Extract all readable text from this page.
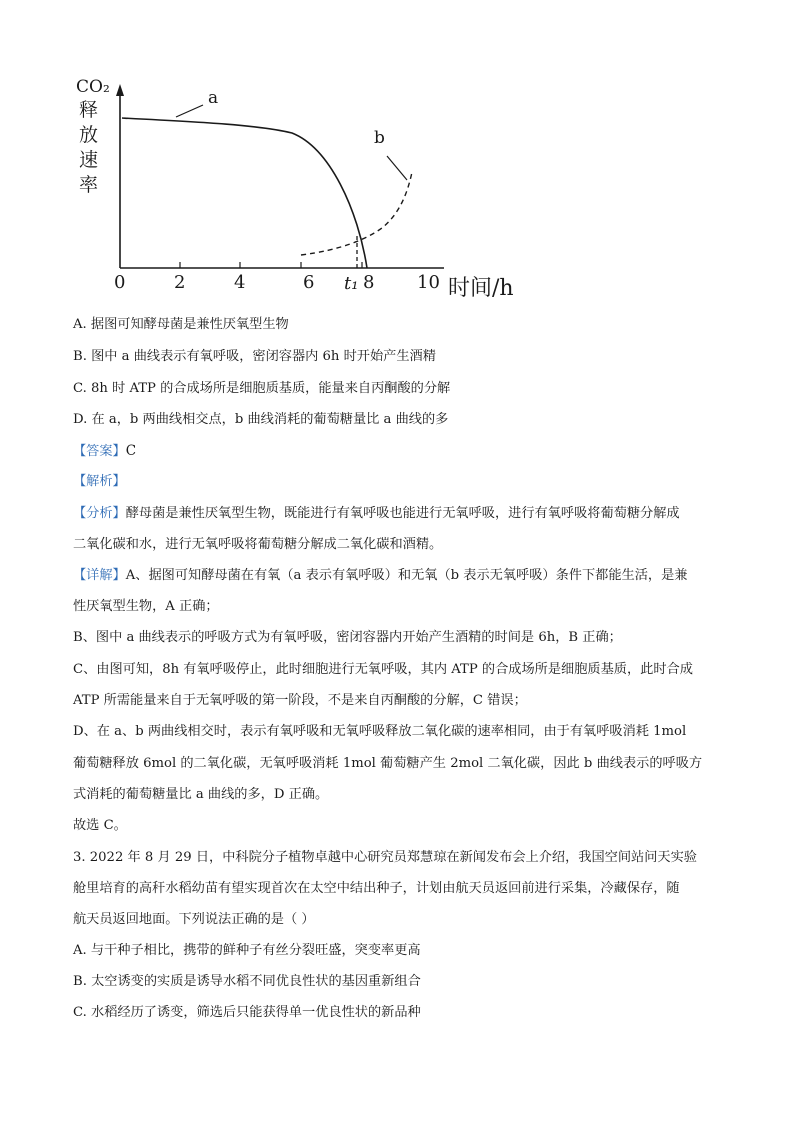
CO₂
释
放
速
率
a
b
0	2	4	6 t₁ 8 10 时间/h
A. 据图可知酵母菌是兼性厌氧型生物
B. 图中 a 曲线表示有氧呼吸，密闭容器内 6h 时开始产生酒精
C. 8h 时 ATP 的合成场所是细胞质基质，能量来自丙酮酸的分解
D. 在 a，b 两曲线相交点，b 曲线消耗的葡萄糖量比 a 曲线的多
【答案】C
【解析】
【分析】酵母菌是兼性厌氧型生物，既能进行有氧呼吸也能进行无氧呼吸，进行有氧呼吸将葡萄糖分解成
二氧化碳和水，进行无氧呼吸将葡萄糖分解成二氧化碳和酒精。
【详解】A、据图可知酵母菌在有氧（a 表示有氧呼吸）和无氧（b 表示无氧呼吸）条件下都能生活，是兼
性厌氧型生物，A 正确；
B、图中 a 曲线表示的呼吸方式为有氧呼吸，密闭容器内开始产生酒精的时间是 6h，B 正确；
C、由图可知，8h 有氧呼吸停止，此时细胞进行无氧呼吸，其内 ATP 的合成场所是细胞质基质，此时合成
ATP 所需能量来自于无氧呼吸的第一阶段，不是来自丙酮酸的分解，C 错误；
D、在 a、b 两曲线相交时，表示有氧呼吸和无氧呼吸释放二氧化碳的速率相同，由于有氧呼吸消耗 1mol
葡萄糖释放 6mol 的二氧化碳，无氧呼吸消耗 1mol 葡萄糖产生 2mol 二氧化碳，因此 b 曲线表示的呼吸方
式消耗的葡萄糖量比 a 曲线的多，D 正确。
故选 C。
3. 2022 年 8 月 29 日，中科院分子植物卓越中心研究员郑慧琼在新闻发布会上介绍，我国空间站问天实验
舱里培育的高秆水稻幼苗有望实现首次在太空中结出种子，计划由航天员返回前进行采集，冷藏保存，随
航天员返回地面。下列说法正确的是（ ）
A. 与干种子相比，携带的鲜种子有丝分裂旺盛，突变率更高
B. 太空诱变的实质是诱导水稻不同优良性状的基因重新组合
C. 水稻经历了诱变，筛选后只能获得单一优良性状的新品种
